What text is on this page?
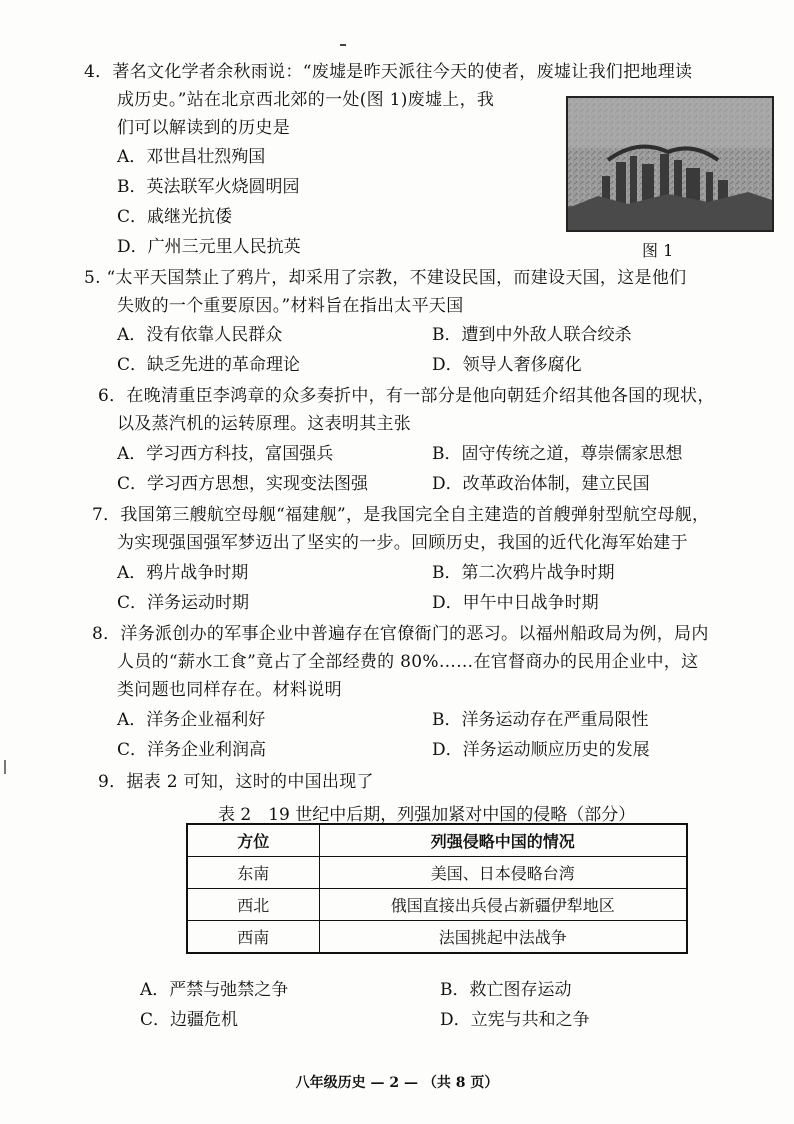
4．著名文化学者余秋雨说：“废墟是昨天派往今天的使者，废墟让我们把地理读
成历史。”站在北京西北郊的一处(图 1)废墟上，我
们可以解读到的历史是
A．邓世昌壮烈殉国
B．英法联军火烧圆明园
C．戚继光抗倭
D．广州三元里人民抗英	图 1
5. “太平天国禁止了鸦片，却采用了宗教，不建设民国，而建设天国，这是他们
失败的一个重要原因。”材料旨在指出太平天国
A．没有依靠人民群众	B．遭到中外敌人联合绞杀
C．缺乏先进的革命理论	D．领导人奢侈腐化
6．在晚清重臣李鸿章的众多奏折中，有一部分是他向朝廷介绍其他各国的现状，
以及蒸汽机的运转原理。这表明其主张
A．学习西方科技，富国强兵	B．固守传统之道，尊崇儒家思想
C．学习西方思想，实现变法图强	D．改革政治体制，建立民国
7．我国第三艘航空母舰“福建舰”，是我国完全自主建造的首艘弹射型航空母舰，
为实现强国强军梦迈出了坚实的一步。回顾历史，我国的近代化海军始建于
A．鸦片战争时期	B．第二次鸦片战争时期
C．洋务运动时期	D．甲午中日战争时期
8．洋务派创办的军事企业中普遍存在官僚衙门的恶习。以福州船政局为例，局内
人员的“薪水工食”竟占了全部经费的 80%……在官督商办的民用企业中，这
类问题也同样存在。材料说明
A．洋务企业福利好	B．洋务运动存在严重局限性
C．洋务企业利润高	D．洋务运动顺应历史的发展
9．据表 2 可知，这时的中国出现了
表 2　19 世纪中后期，列强加紧对中国的侵略（部分）
方位	列强侵略中国的情况
东南	美国、日本侵略台湾
西北	俄国直接出兵侵占新疆伊犁地区
西南	法国挑起中法战争
A．严禁与弛禁之争	B．救亡图存运动
C．边疆危机	D．立宪与共和之争
八年级历史 — 2 — （共 8 页）
